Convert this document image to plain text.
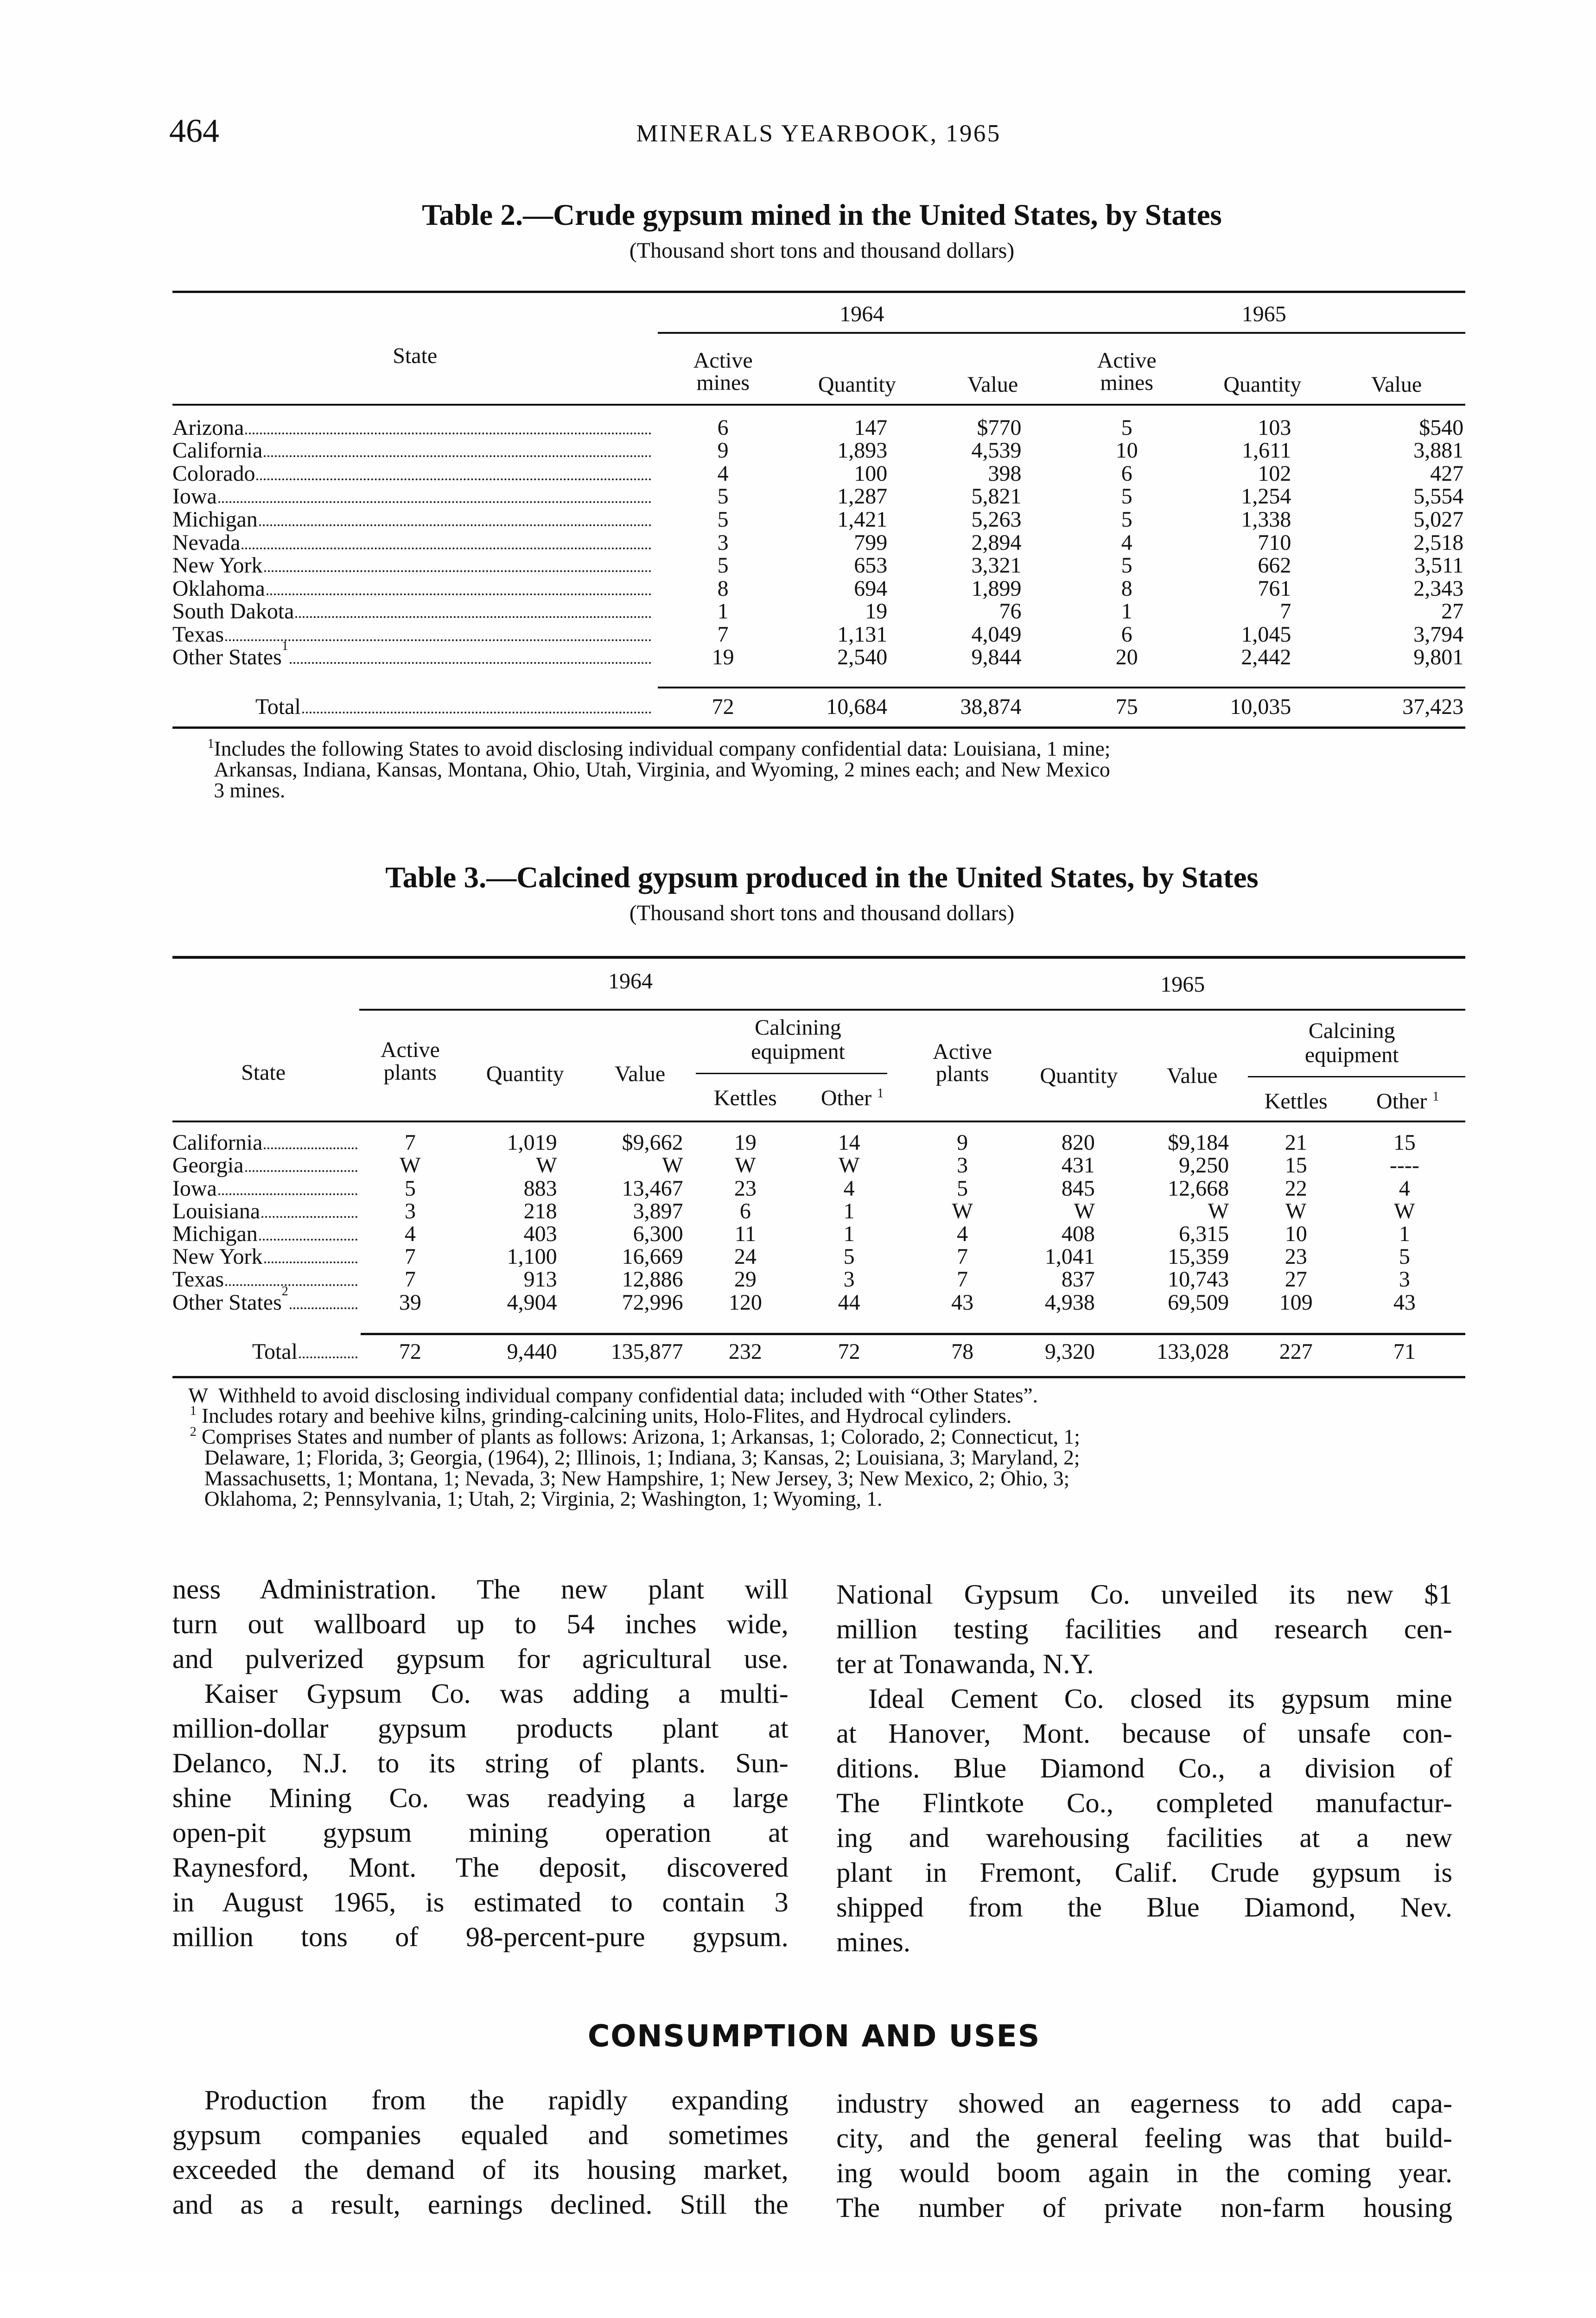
464	MINERALS YEARBOOK, 1965
Table 2.—Crude gypsum mined in the United States, by States
(Thousand short tons and thousand dollars)
1964	1965
State	Active
mines	Quantity	Value
Active
mines	Quantity	Value
Arizona	6	147	$770	5	103	$540
California	9	1,893	4,539	10	1,611	3,881
Colorado	4	100	398	6	102	427
Iowa	5	1,287	5,821	5	1,254	5,554
Michigan	5	1,421	5,263	5	1,338	5,027
Nevada	3	799	2,894	4	710	2,518
New York	5	653	3,321	5	662	3,511
Oklahoma	8	694	1,899	8	761	2,343
South Dakota	1	19	76	1	7	27
Texas	7	1,131	4,049	6	1,045	3,794
Other States 1	19	2,540	9,844	20	2,442	9,801
Total	72	10,684	38,874	75	10,035	37,423
$^1$Includes the following States to avoid disclosing individual company confidential data: Louisiana, 1 mine;
Arkansas, Indiana, Kansas, Montana, Ohio, Utah, Virginia, and Wyoming, 2 mines each; and New Mexico
3 mines.
Table 3.—Calcined gypsum produced in the United States, by States
(Thousand short tons and thousand dollars)
1964	1965
State
Active
plants	Quantity	Value
Calcining
equipment
Kettles	Other $^1$
Active
plants	Quantity	Value
Calcining
equipment
Kettles	Other $^1$
California	7	1,019	$9,662	19	14	9	820	$9,184	21	15
Georgia	W	W	W	W	W	3	431	9,250	15	----
Iowa	5	883	13,467	23	4	5	845	12,668	22	4
Louisiana	3	218	3,897	6	1	W	W	W	W	W
Michigan	4	403	6,300	11	1	4	408	6,315	10	1
New York	7	1,100	16,669	24	5	7	1,041	15,359	23	5
Texas	7	913	12,886	29	3	7	837	10,743	27	3
Other States 2	39	4,904	72,996	120	44	43	4,938	69,509	109	43
Total	72	9,440	135,877	232	72	78	9,320	133,028	227	71
W Withheld to avoid disclosing individual company confidential data; included with “Other States”.
$^1$ Includes rotary and beehive kilns, grinding-calcining units, Holo-Flites, and Hydrocal cylinders.
$^2$ Comprises States and number of plants as follows: Arizona, 1; Arkansas, 1; Colorado, 2; Connecticut, 1;
Delaware, 1; Florida, 3; Georgia, (1964), 2; Illinois, 1; Indiana, 3; Kansas, 2; Louisiana, 3; Maryland, 2;
Massachusetts, 1; Montana, 1; Nevada, 3; New Hampshire, 1; New Jersey, 3; New Mexico, 2; Ohio, 3;
Oklahoma, 2; Pennsylvania, 1; Utah, 2; Virginia, 2; Washington, 1; Wyoming, 1.
ness Administration. The new plant will
turn out wallboard up to 54 inches wide,
and pulverized gypsum for agricultural use.
Kaiser Gypsum Co. was adding a multi-
million-dollar gypsum products plant at
Delanco, N.J. to its string of plants. Sun-
shine Mining Co. was readying a large
open-pit gypsum mining operation at
Raynesford, Mont. The deposit, discovered
in August 1965, is estimated to contain 3
million tons of 98-percent-pure gypsum.
National Gypsum Co. unveiled its new $1
million testing facilities and research cen-
ter at Tonawanda, N.Y.
Ideal Cement Co. closed its gypsum mine
at Hanover, Mont. because of unsafe con-
ditions. Blue Diamond Co., a division of
The Flintkote Co., completed manufactur-
ing and warehousing facilities at a new
plant in Fremont, Calif. Crude gypsum is
shipped from the Blue Diamond, Nev.
mines.
CONSUMPTION AND USES
Production from the rapidly expanding
gypsum companies equaled and sometimes
exceeded the demand of its housing market,
and as a result, earnings declined. Still the
industry showed an eagerness to add capa-
city, and the general feeling was that build-
ing would boom again in the coming year.
The number of private non-farm housing
